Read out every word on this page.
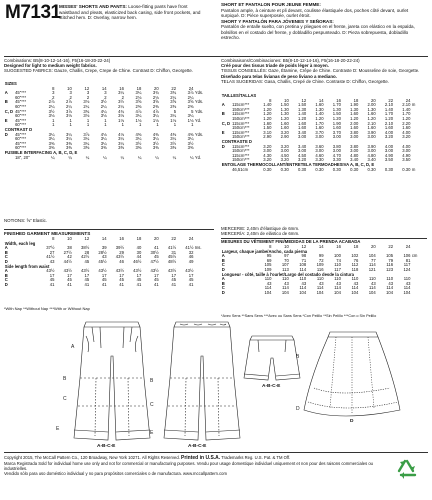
M7131
MISSES' SHORTS AND PANTS: Loose-fitting pants have front waistband and pleats, elasticized back casing, side front pockets, and stitched hem. D: Overlay, narrow hem.
SHORT ET PANTALON POUR JEUNE FEMME:
Pantalon ample, à ceinture et pli devant, coulisse élastiquée dos, poches côté devant, ourlet surpiqué. D: Pièce superposée, ourlet étroit.
SHORT Y PANTALÓN PARA JÓVENES Y SEÑORAS:
Pantalón de entalle suelto, con pretina y pliegues en el frente, jareta con elástico en la espalda, bolsillos en el costado del frente, y dobladillo pespunteado. D: Pieza sobrepuesta, dobladillo estrecho.
Combinations: B5(8-10-12-14-16), F5(16-18-20-22-24)
Designed for light to medium weight fabrics.
SUGGESTED FABRICS: Gauze, Challis, Crepe, Crepe de Chine. Contrast D: Chiffon, Georgette.
SIZES											
		8	10	12	14	16	18	20	22	24	
A	45"***	3	3	3	3	3¼	3¼	3¾	3¾	3⅞	Yds.
	60"***	2	2	2	2	2	2⅛	2⅛	2¼	2¼	
B	45"***	2⅞	2⅞	3⅛	3½	3½	3⅝	3⅝	3⅝	3⅝	Yds.
	60"***	2¼	2¼	2¼	2¼	2¼	2⅜	2⅜	2⅜	2⅜	
C, D	45"***	3½	3⅞	3¾	4¼	4¾	4⅞	4⅞	5	5	Yds.
	60"***	3⅛	3⅛	3⅛	3⅛	3⅛	3¼	3¼	3¼	3¼	
E	45"***	1	1	1	1	1⅛	1⅛	1⅛	1⅛	1⅛	Yd.
	60"***	1	1	1	1	1	1	1	1	1	
CONTRAST D											
D	45"***	3¼	3¼	3⅞	4⅛	4⅛	4⅜	4⅜	4⅜	4⅜	Yds.
	60"***	3¼	3¼	3¼	3¼	3¼	3¼	3¼	3¼	3¼	
	45"***	3⅜	3⅜	3¼	3¼	3¼	3½	3½	3½	3½	
	60"***	3⅜	3⅜	3⅜	3⅜	3⅜	3⅜	3⅜	3⅜	3⅜	
FUSIBLE INTERFACING A, B, C, D, E											
	18", 20"	¼	¼	¼	¼	¼	¼	¼	¼	¼	Yd.
NOTIONS: ⅝" Elastic.
FINISHED GARMENT MEASUREMENTS
		8	10	12	14	16	18	20	22	24	
Width, each leg											
A		37½	38	38½	39	39½	40	41	41½	41½	Ins.
B		27	27½	28	28½	29	30	30½	31	32	
C		41½	42	42½	43	43½	44	45	45½	46	
D		43	44½	45	45½	46	46½	47½	48½	49	
Side length from waist											
A		43½	43½	43½	43½	43½	43½	43½	43½	43½	
B		17	17	17	17	17	17	17	17	17	
C		45	45	45	45	45	45	45	45	45	
D		41	41	41	41	41	41	41	41	41	
*With Nap **Without Nap ***With or Without Nap
Combinaisons/Combinaciones: B5(8-10-12-14-16), F5(16-18-20-22-24)
Créé pour des tissus triade de poids léger à moyen.
TISSUS CONSEILLÉS: Gaze, Étamine, Crêpe de Chine. Contraste D: Mousseline de soie, Georgette.
Diseñado para telas livianas de peso liviano a mediano.
TELAS SUGERIDAS: Gasa, Challis, Crepé de Chine. Contraste D: Chiffon, Georgette.
TAILLES/TALLAS											
		8	10	12	14	16	18	20	22	24	
A	115cm***	1.40	1.50	1.50	1.60	1.70	1.90	2.00	2.10	2.10	m
	150cm***	1.20	1.30	1.30	1.30	1.30	1.30	1.30	1.40	1.40	
B	115cm***	1.20	1.30	1.40	1.40	1.50	1.60	1.60	1.70	1.70	
	150cm***	1.20	1.20	1.20	1.20	1.20	1.20	1.20	1.20	1.20	
C, D	115cm***	1.60	1.60	1.60	1.70	1.90	2.00	2.10	2.10	2.20	
	150cm***	1.50	1.60	1.60	1.60	1.60	1.60	1.60	1.60	1.60	
E	115cm***	3.10	3.20	3.40	3.70	3.70	3.80	3.90	4.00	4.00	
	150cm***	2.90	2.90	3.00	3.00	3.00	3.00	3.00	3.20	3.20	
CONTRASTE D											
D	115cm***	3.20	3.20	3.40	3.60	3.80	3.80	3.90	4.00	4.00	
	150cm***	3.00	3.00	3.00	3.00	3.00	3.00	3.00	3.00	3.00	
	115cm***	4.30	4.50	4.50	4.60	4.70	4.80	4.80	4.90	4.90	
	150cm***	3.20	3.20	3.20	3.30	3.30	3.40	3.40	3.50	3.50	
ENTOILAGE THERMOCOLLANT/ENTRETELA TERMOADHESIVA A, B, C, D, E											
	46,51cm	0.30	0.30	0.30	0.30	0.30	0.30	0.30	0.30	0.30	m
MERCERIE: 2,40m d'élastique de 6mm.
MERCERÍA: 2,40m de elástico de 6mm.
MESURES DU VÊTEMENT FINI/MEDIDAS DE LA PRENDA ACABADA
		8	10	12	14	16	18	20	22	24	
Largeur, chaque jambe/Ancho, cada pierna											
A		95	97	98	99	100	102	104	105	106	cm
B		69	70	71	72	74	76	77	79	81	
C		105	107	108	109	110	112	114	116	117	
D		109	113	114	116	117	118	121	123	124	
Longueur - côté, taille à l'ourlet/Largo del costado desde la cintura											
A		110	110	110	110	110	110	110	110	110	
B		43	43	43	43	43	43	43	43	43	
C		114	114	114	114	114	114	114	114	114	
D		104	104	104	104	104	104	104	104	104	
*Avec Sens **Sans Sens ***Avec ou Sans Sens *Con Pelillo **Sin Pelillo ***Con o Sin Pelillo
A
B
C
E
B
C
E
B
D
A-B-C-E	A-B-C-E
A-B-C-E
D
Copyright 2015, The McCall Pattern Co., 120 Broadway, New York 10271. All Rights Reserved. Printed in U.S.A. Trademarks Reg. U.S. Pat. & TM Off.
Marca Registrada Sold for individual home use only and not for commercial or manufacturing purposes. Vendu pour usage domestique individuel uniquement et non pour des raisons commerciales ou industrielles.
Vendido sólo para uso doméstico individual y no para propósitos comerciales o de manufactura. www.mccallpattern.com
